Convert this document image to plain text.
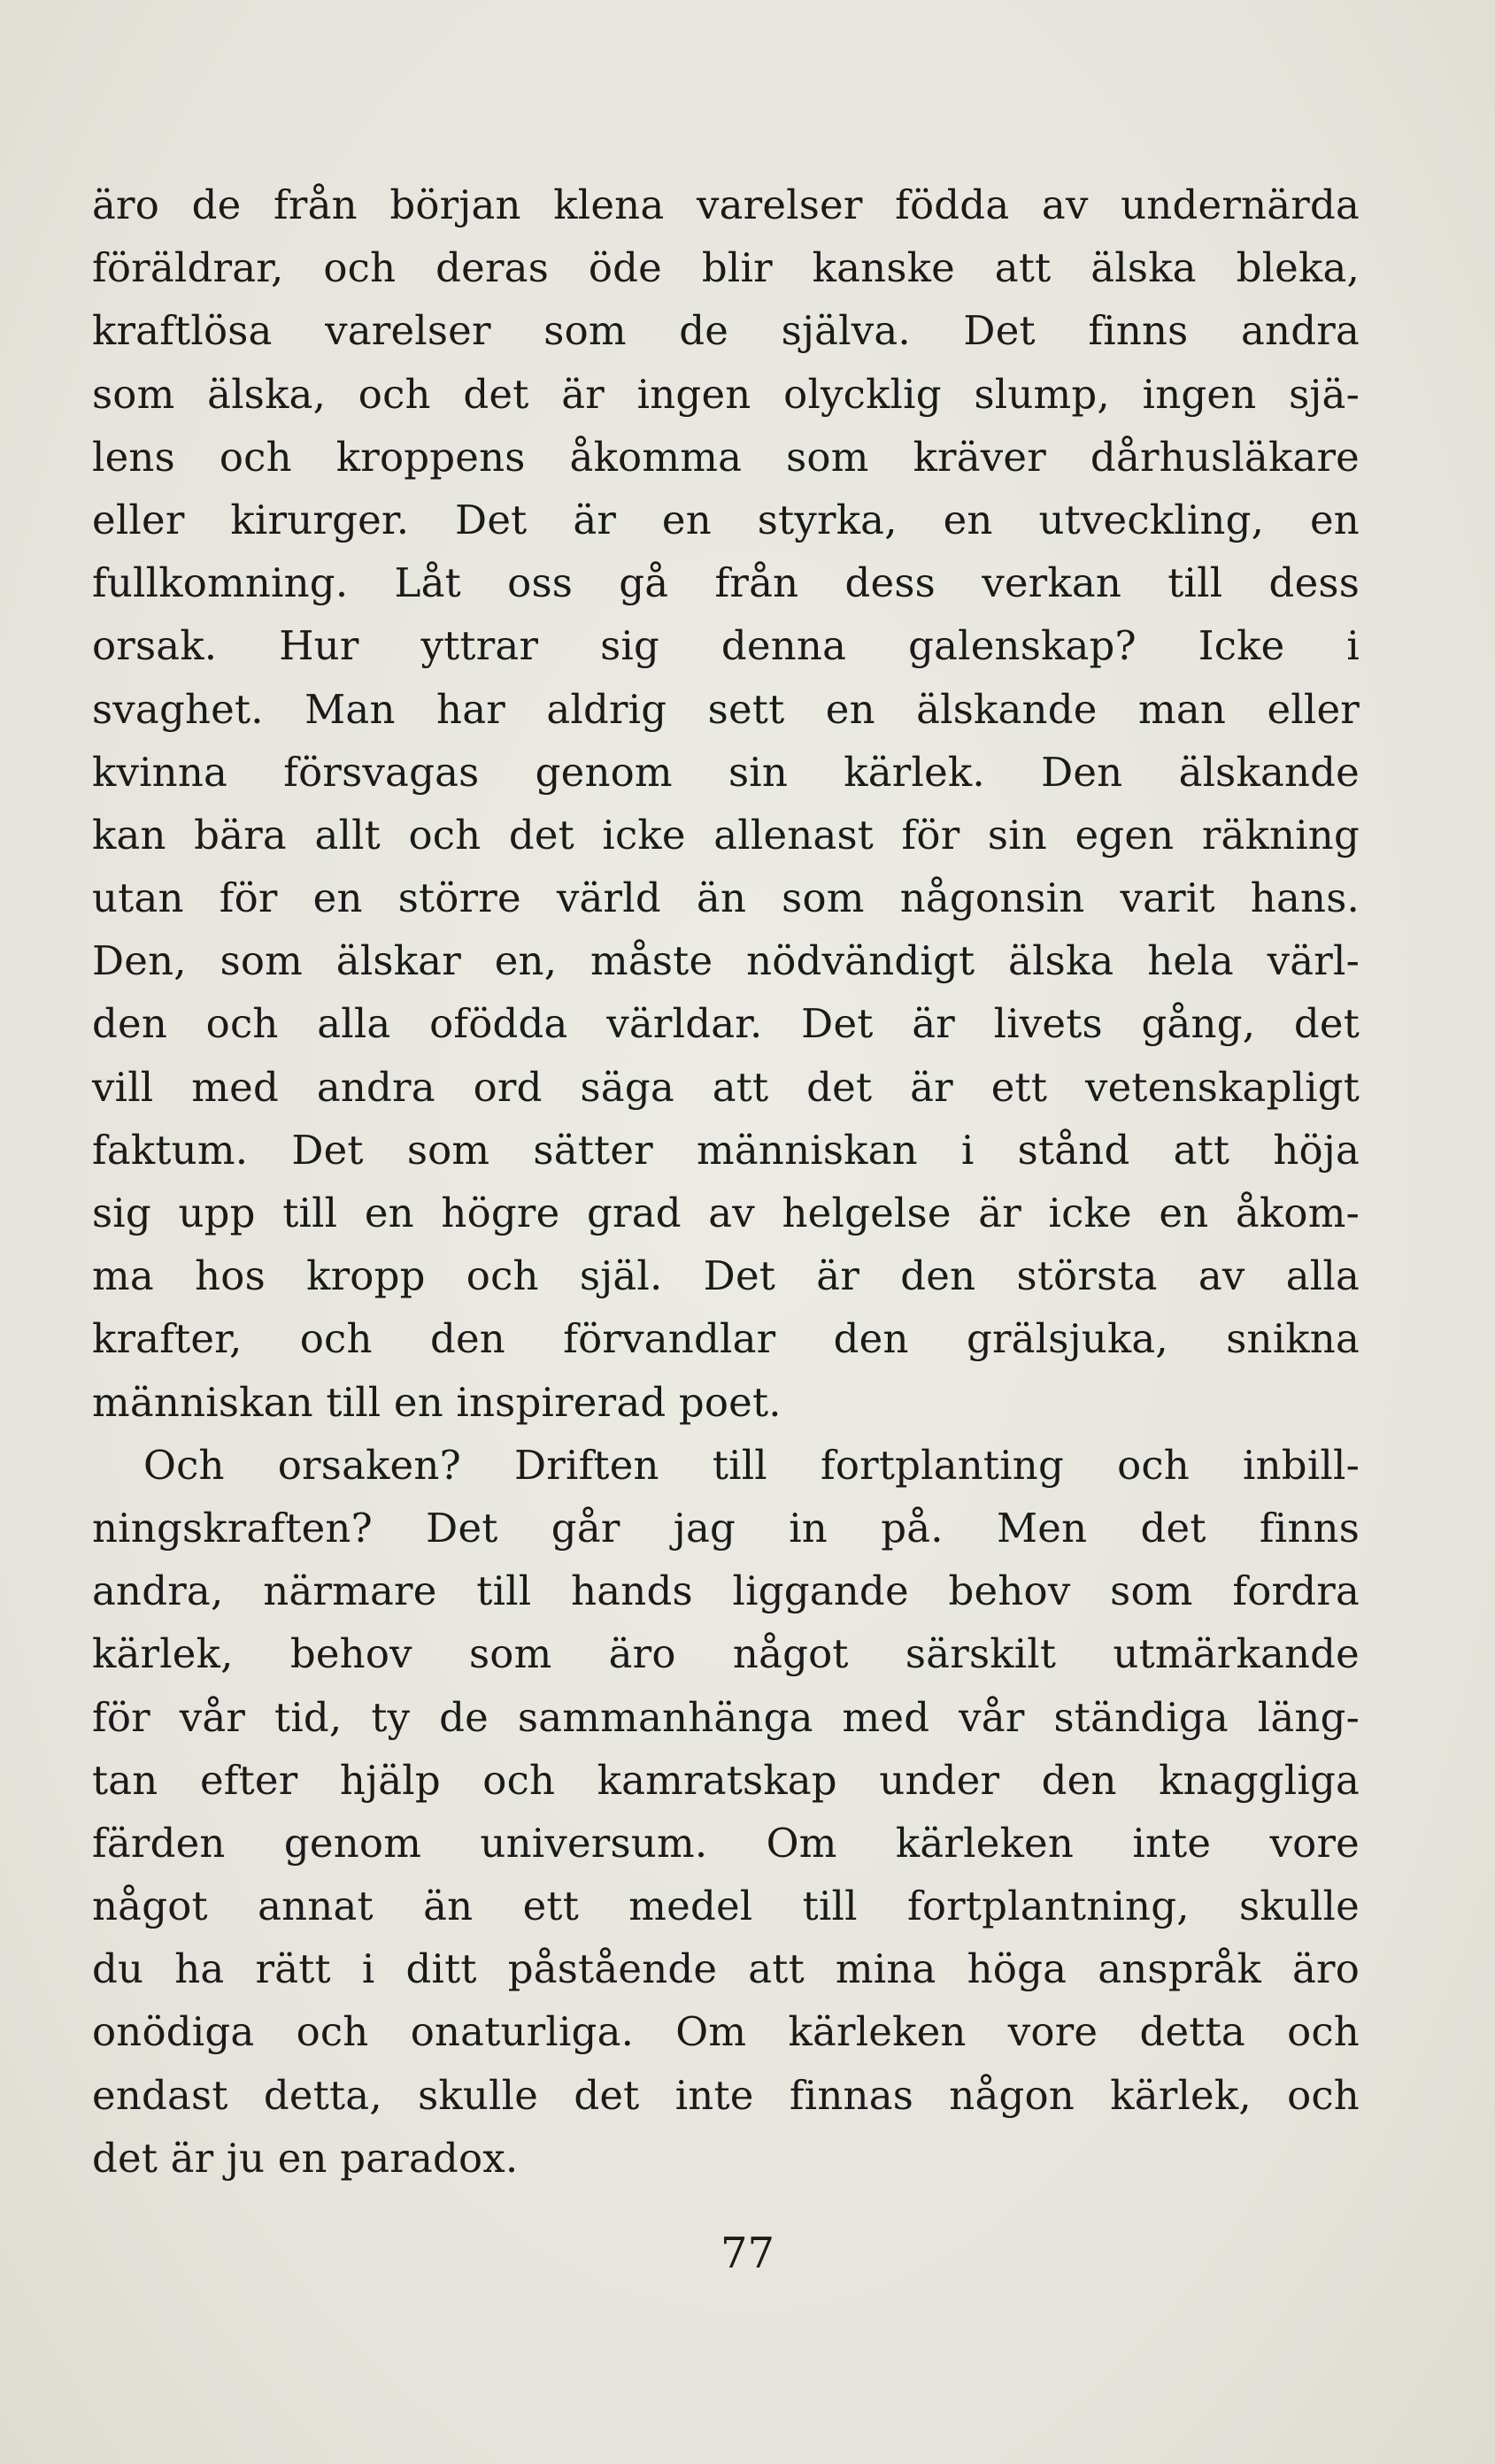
äro de från början klena varelser födda av undernärda
föräldrar, och deras öde blir kanske att älska bleka,
kraftlösa varelser som de själva. Det finns andra
som älska, och det är ingen olycklig slump, ingen sjä-
lens och kroppens åkomma som kräver dårhusläkare
eller kirurger. Det är en styrka, en utveckling, en
fullkomning. Låt oss gå från dess verkan till dess
orsak. Hur yttrar sig denna galenskap? Icke i
svaghet. Man har aldrig sett en älskande man eller
kvinna försvagas genom sin kärlek. Den älskande
kan bära allt och det icke allenast för sin egen räkning
utan för en större värld än som någonsin varit hans.
Den, som älskar en, måste nödvändigt älska hela värl-
den och alla ofödda världar. Det är livets gång, det
vill med andra ord säga att det är ett vetenskapligt
faktum. Det som sätter människan i stånd att höja
sig upp till en högre grad av helgelse är icke en åkom-
ma hos kropp och själ. Det är den största av alla
krafter, och den förvandlar den grälsjuka, snikna
människan till en inspirerad poet.
Och orsaken? Driften till fortplanting och inbill-
ningskraften? Det går jag in på. Men det finns
andra, närmare till hands liggande behov som fordra
kärlek, behov som äro något särskilt utmärkande
för vår tid, ty de sammanhänga med vår ständiga läng-
tan efter hjälp och kamratskap under den knaggliga
färden genom universum. Om kärleken inte vore
något annat än ett medel till fortplantning, skulle
du ha rätt i ditt påstående att mina höga anspråk äro
onödiga och onaturliga. Om kärleken vore detta och
endast detta, skulle det inte finnas någon kärlek, och
det är ju en paradox.
77
